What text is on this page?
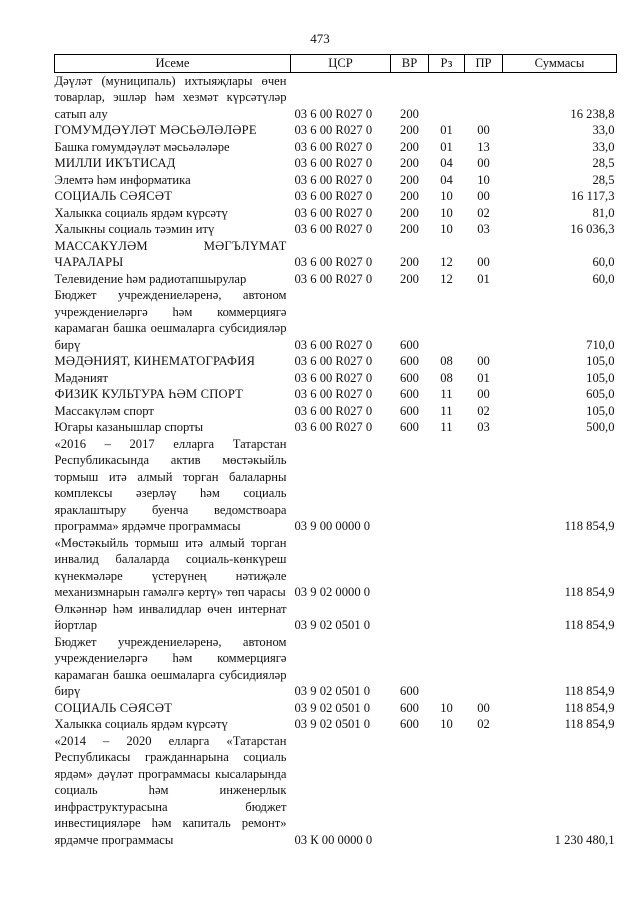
473
Исеме	ЦСР	ВР	Рз	ПР	Суммасы
Дәүләт (муниципаль) ихтыяҗлары өчен товарлар, эшләр һәм хезмәт күрсәтүләр сатып алу	03 6 00 R027 0	200			16 238,8
ГОМУМДӘҮЛӘТ МӘСЬӘЛӘЛӘРЕ	03 6 00 R027 0	200	01	00	33,0
Башка гомумдәүләт мәсьәләләре	03 6 00 R027 0	200	01	13	33,0
МИЛЛИ ИКЪТИСАД	03 6 00 R027 0	200	04	00	28,5
Элемтә һәм информатика	03 6 00 R027 0	200	04	10	28,5
СОЦИАЛЬ СӘЯСӘТ	03 6 00 R027 0	200	10	00	16 117,3
Халыкка социаль ярдәм күрсәтү	03 6 00 R027 0	200	10	02	81,0
Халыкны социаль тәэмин итү	03 6 00 R027 0	200	10	03	16 036,3
МАССАКҮЛӘМ МӘГЪЛҮМАТ ЧАРАЛАРЫ	03 6 00 R027 0	200	12	00	60,0
Телевидение һәм радиотапшырулар	03 6 00 R027 0	200	12	01	60,0
Бюджет учреждениеләренә, автоном учреждениеләргә һәм коммерциягә карамаган башка оешмаларга субсидияләр бирү	03 6 00 R027 0	600			710,0
МӘДӘНИЯТ, КИНЕМАТОГРАФИЯ	03 6 00 R027 0	600	08	00	105,0
Мәдәният	03 6 00 R027 0	600	08	01	105,0
ФИЗИК КУЛЬТУРА ҺӘМ СПОРТ	03 6 00 R027 0	600	11	00	605,0
Массакүләм спорт	03 6 00 R027 0	600	11	02	105,0
Югары казанышлар спорты	03 6 00 R027 0	600	11	03	500,0
«2016 – 2017 елларга Татарстан Республикасында актив мөстәкыйль тормыш итә алмый торган балаларны комплексы әзерләү һәм социаль яраклаштыру буенча ведомствоара программа» ярдәмче программасы	03 9 00 0000 0				118 854,9
«Мөстәкыйль тормыш итә алмый торган инвалид балаларда социаль-көнкүреш күнекмәләре үстерүнең нәтиҗәле механизмнарын гамәлгә кертү» төп чарасы	03 9 02 0000 0				118 854,9
Өлкәннәр һәм инвалидлар өчен интернат йортлар	03 9 02 0501 0				118 854,9
Бюджет учреждениеләренә, автоном учреждениеләргә һәм коммерциягә карамаган башка оешмаларга субсидияләр бирү	03 9 02 0501 0	600			118 854,9
СОЦИАЛЬ СӘЯСӘТ	03 9 02 0501 0	600	10	00	118 854,9
Халыкка социаль ярдәм күрсәтү	03 9 02 0501 0	600	10	02	118 854,9
«2014 – 2020 елларга «Татарстан Республикасы гражданнарына социаль ярдәм» дәүләт программасы кысаларында социаль һәм инженерлык инфраструктурасына бюджет инвестицияләре һәм капиталь ремонт» ярдәмче программасы	03 К 00 0000 0				1 230 480,1
